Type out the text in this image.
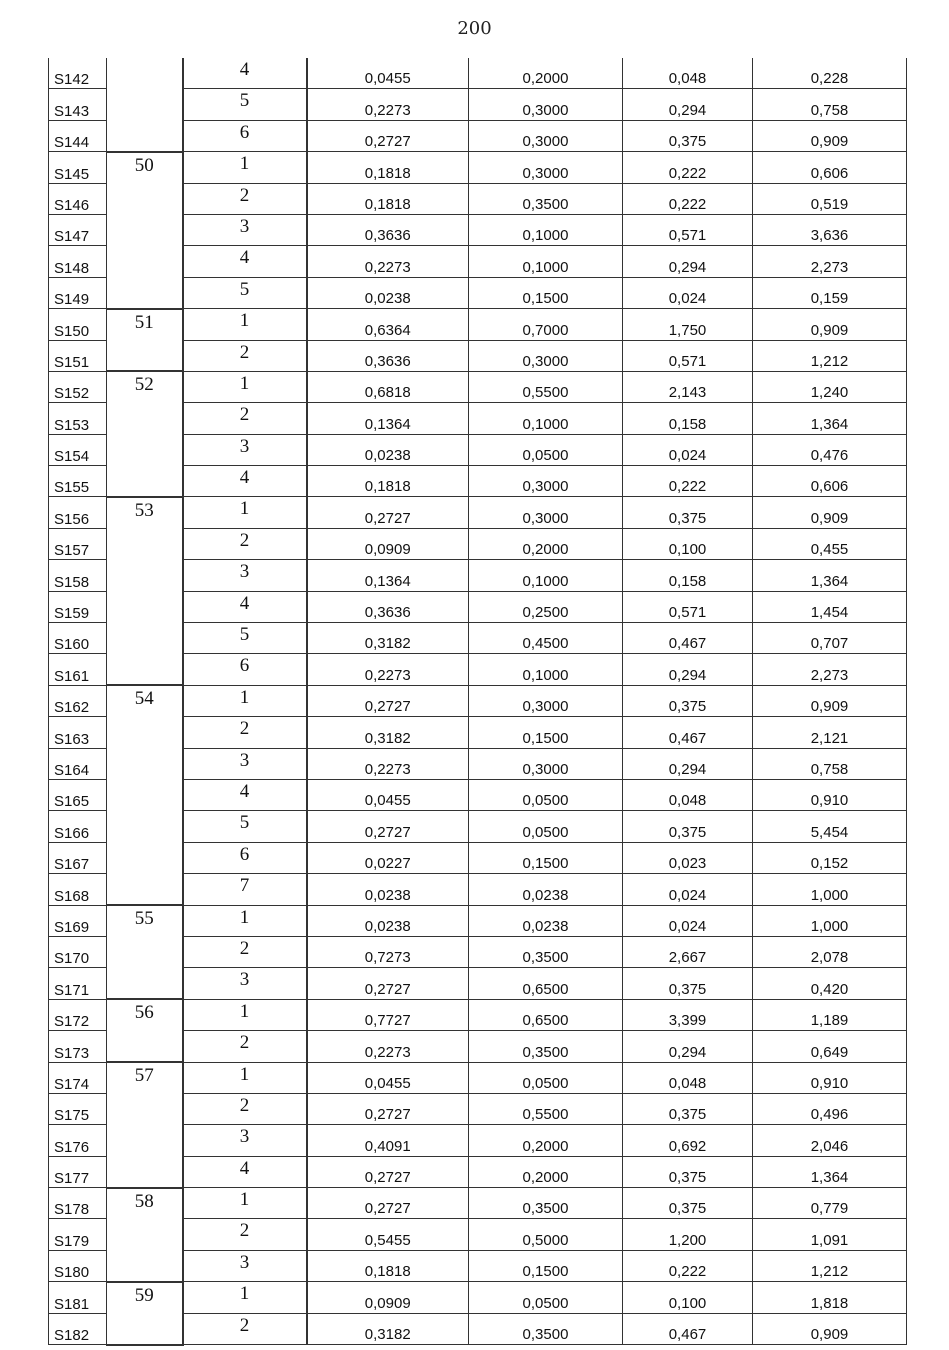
200
S142		4	0,0455	0,2000	0,048	0,228
S143		5	0,2273	0,3000	0,294	0,758
S144		6	0,2727	0,3000	0,375	0,909
S145	50	1	0,1818	0,3000	0,222	0,606
S146		2	0,1818	0,3500	0,222	0,519
S147		3	0,3636	0,1000	0,571	3,636
S148		4	0,2273	0,1000	0,294	2,273
S149		5	0,0238	0,1500	0,024	0,159
S150	51	1	0,6364	0,7000	1,750	0,909
S151		2	0,3636	0,3000	0,571	1,212
S152	52	1	0,6818	0,5500	2,143	1,240
S153		2	0,1364	0,1000	0,158	1,364
S154		3	0,0238	0,0500	0,024	0,476
S155		4	0,1818	0,3000	0,222	0,606
S156	53	1	0,2727	0,3000	0,375	0,909
S157		2	0,0909	0,2000	0,100	0,455
S158		3	0,1364	0,1000	0,158	1,364
S159		4	0,3636	0,2500	0,571	1,454
S160		5	0,3182	0,4500	0,467	0,707
S161		6	0,2273	0,1000	0,294	2,273
S162	54	1	0,2727	0,3000	0,375	0,909
S163		2	0,3182	0,1500	0,467	2,121
S164		3	0,2273	0,3000	0,294	0,758
S165		4	0,0455	0,0500	0,048	0,910
S166		5	0,2727	0,0500	0,375	5,454
S167		6	0,0227	0,1500	0,023	0,152
S168		7	0,0238	0,0238	0,024	1,000
S169	55	1	0,0238	0,0238	0,024	1,000
S170		2	0,7273	0,3500	2,667	2,078
S171		3	0,2727	0,6500	0,375	0,420
S172	56	1	0,7727	0,6500	3,399	1,189
S173		2	0,2273	0,3500	0,294	0,649
S174	57	1	0,0455	0,0500	0,048	0,910
S175		2	0,2727	0,5500	0,375	0,496
S176		3	0,4091	0,2000	0,692	2,046
S177		4	0,2727	0,2000	0,375	1,364
S178	58	1	0,2727	0,3500	0,375	0,779
S179		2	0,5455	0,5000	1,200	1,091
S180		3	0,1818	0,1500	0,222	1,212
S181	59	1	0,0909	0,0500	0,100	1,818
S182		2	0,3182	0,3500	0,467	0,909
